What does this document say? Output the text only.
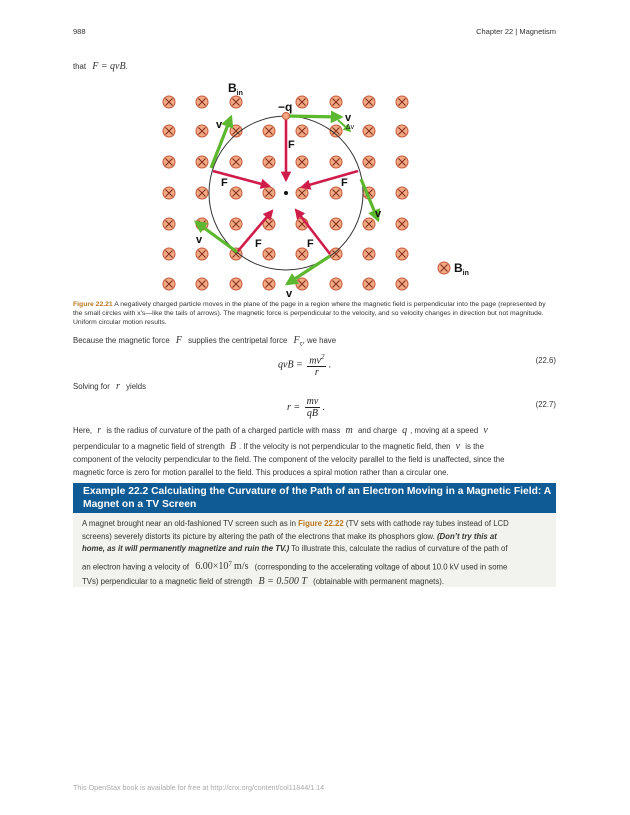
988	Chapter 22 | Magnetism
that F = qvB.
$B_{in}$
−q
v
Δv
v
F
F	F
v
v	F	F
v
$B_{in}$
Figure 22.21 A negatively charged particle moves in the plane of the page in a region where the magnetic field is perpendicular into the page (represented by the small circles with x's—like the tails of arrows). The magnetic force is perpendicular to the velocity, and so velocity changes in direction but not magnitude. Uniform circular motion results.
Because the magnetic force F supplies the centripetal force $F_c$, we have
qvB = $\frac{mv^2}{r}$ .	(22.6)
Solving for r yields
$r = \frac{mv}{qB}$ .	(22.7)
Here, r is the radius of curvature of the path of a charged particle with mass m and charge q , moving at a speed v
perpendicular to a magnetic field of strength B . If the velocity is not perpendicular to the magnetic field, then v is the
component of the velocity perpendicular to the field. The component of the velocity parallel to the field is unaffected, since the
magnetic force is zero for motion parallel to the field. This produces a spiral motion rather than a circular one.
Example 22.2 Calculating the Curvature of the Path of an Electron Moving in a Magnetic Field: A Magnet on a TV Screen
A magnet brought near an old-fashioned TV screen such as in Figure 22.22 (TV sets with cathode ray tubes instead of LCD
screens) severely distorts its picture by altering the path of the electrons that make its phosphors glow. (Don’t try this at
home, as it will permanently magnetize and ruin the TV.) To illustrate this, calculate the radius of curvature of the path of
an electron having a velocity of $6.00\times 10^7$ m/s (corresponding to the accelerating voltage of about 10.0 kV used in some
TVs) perpendicular to a magnetic field of strength B = 0.500 T (obtainable with permanent magnets).
This OpenStax book is available for free at http://cnx.org/content/col11844/1.14
